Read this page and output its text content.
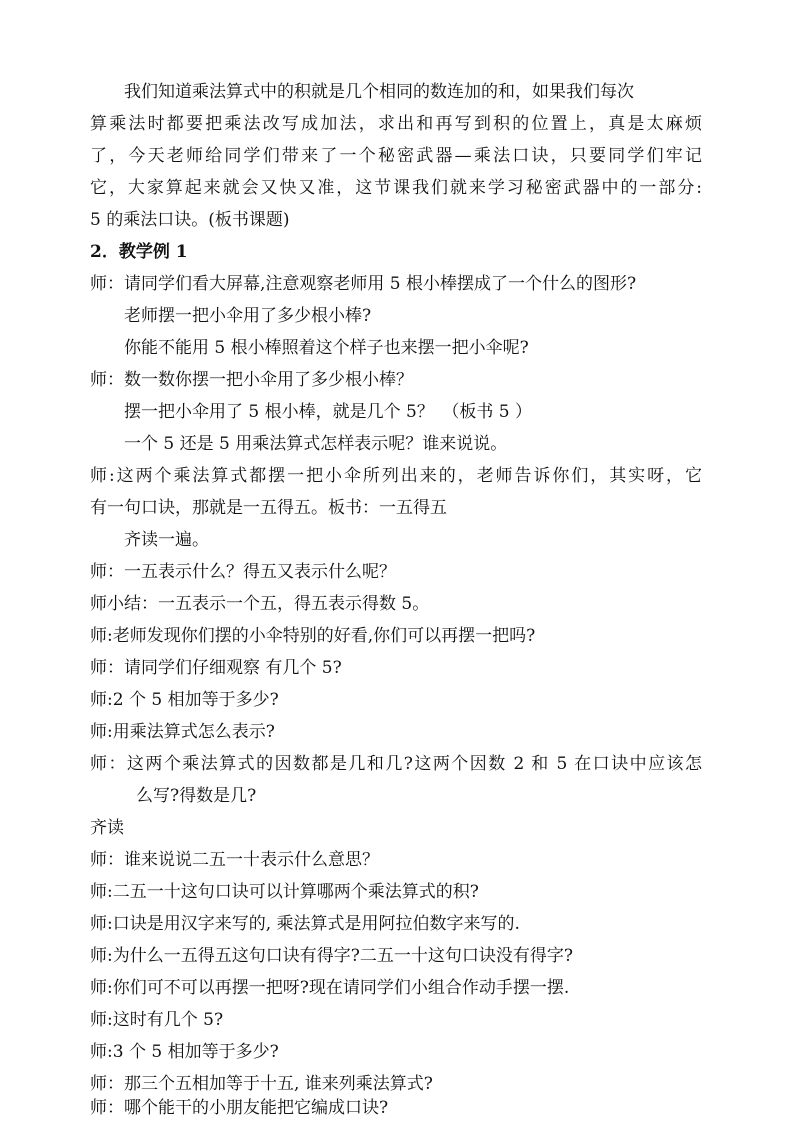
我们知道乘法算式中的积就是几个相同的数连加的和，如果我们每次
算乘法时都要把乘法改写成加法，求出和再写到积的位置上，真是太麻烦
了，今天老师给同学们带来了一个秘密武器—乘法口诀，只要同学们牢记
它，大家算起来就会又快又准，这节课我们就来学习秘密武器中的一部分:
5 的乘法口诀。(板书课题)
2．教学例 1
师：请同学们看大屏幕,注意观察老师用 5 根小棒摆成了一个什么的图形?
老师摆一把小伞用了多少根小棒?
你能不能用 5 根小棒照着这个样子也来摆一把小伞呢?
师：数一数你摆一把小伞用了多少根小棒？
摆一把小伞用了 5 根小棒，就是几个 5？　（板书 5 ）
一个 5 还是 5 用乘法算式怎样表示呢？谁来说说。
师:这两个乘法算式都摆一把小伞所列出来的，老师告诉你们，其实呀，它
有一句口诀，那就是一五得五。板书：一五得五
齐读一遍。
师：一五表示什么？得五又表示什么呢？
师小结：一五表示一个五，得五表示得数 5。
师:老师发现你们摆的小伞特别的好看,你们可以再摆一把吗?
师：请同学们仔细观察 有几个 5?
师:2 个 5 相加等于多少?
师:用乘法算式怎么表示?
师：这两个乘法算式的因数都是几和几?这两个因数 2 和 5 在口诀中应该怎
么写?得数是几?
齐读
师：谁来说说二五一十表示什么意思？
师:二五一十这句口诀可以计算哪两个乘法算式的积?
师:口诀是用汉字来写的, 乘法算式是用阿拉伯数字来写的.
师:为什么一五得五这句口诀有得字?二五一十这句口诀没有得字?
师:你们可不可以再摆一把呀?现在请同学们小组合作动手摆一摆.
师:这时有几个 5?
师:3 个 5 相加等于多少?
师：那三个五相加等于十五, 谁来列乘法算式?
师：哪个能干的小朋友能把它编成口诀?
